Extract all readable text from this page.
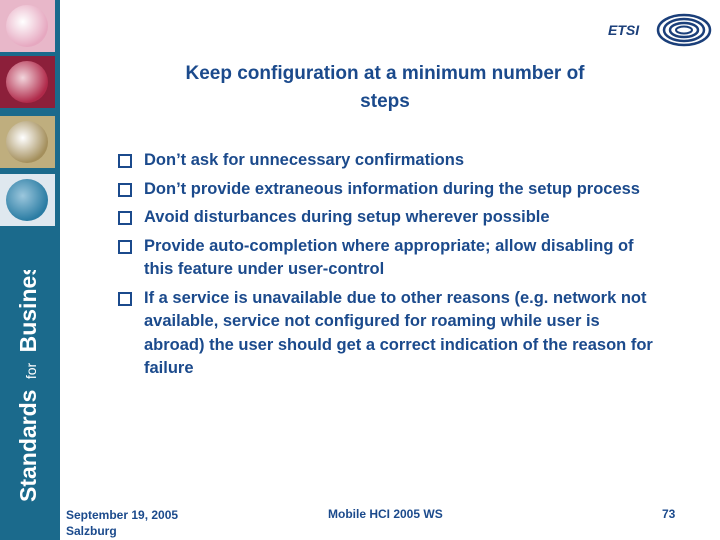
Standards for Business
ETSI
Keep configuration at a minimum number of
steps
Don’t ask for unnecessary confirmations
Don’t provide extraneous information during the setup process
Avoid disturbances during setup wherever possible
Provide auto-completion where appropriate; allow disabling of this feature under user-control
If a service is unavailable due to other reasons (e.g. network not available, service not configured for roaming while user is abroad) the user should get a correct indication of the reason for failure
September 19, 2005
Salzburg
Mobile HCI 2005 WS	73
